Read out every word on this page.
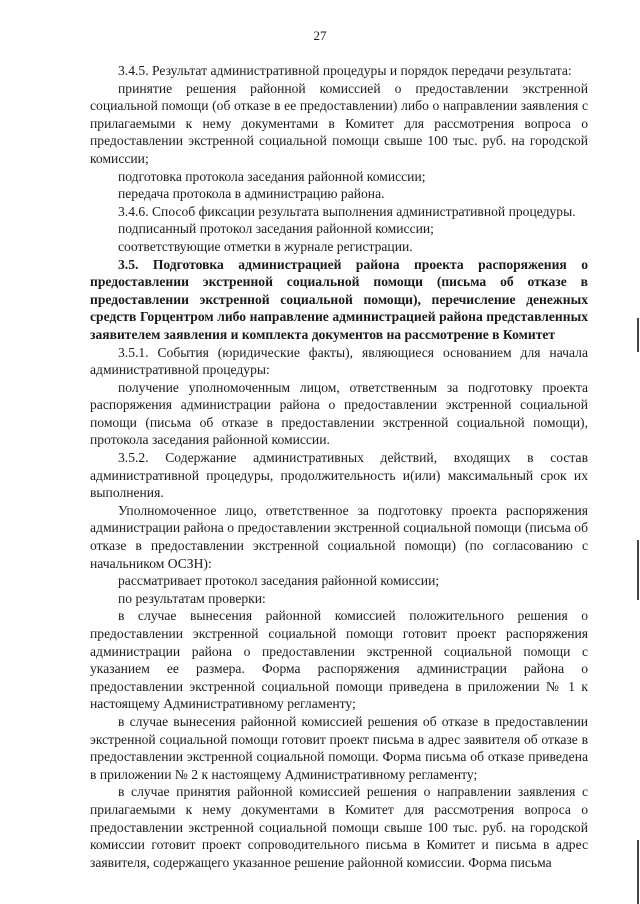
27

3.4.5. Результат административной процедуры и порядок передачи результата:

принятие решения районной комиссией о предоставлении экстренной социальной помощи (об отказе в ее предоставлении) либо о направлении заявления с прилагаемыми к нему документами в Комитет для рассмотрения вопроса о предоставлении экстренной социальной помощи свыше 100 тыс. руб. на городской комиссии;

подготовка протокола заседания районной комиссии;

передача протокола в администрацию района.

3.4.6. Способ фиксации результата выполнения административной процедуры.

подписанный протокол заседания районной комиссии;

соответствующие отметки в журнале регистрации.

3.5. Подготовка администрацией района проекта распоряжения о предоставлении экстренной социальной помощи (письма об отказе в предоставлении экстренной социальной помощи), перечисление денежных средств Горцентром либо направление администрацией района представленных заявителем заявления и комплекта документов на рассмотрение в Комитет

3.5.1. События (юридические факты), являющиеся основанием для начала административной процедуры:

получение уполномоченным лицом, ответственным за подготовку проекта распоряжения администрации района о предоставлении экстренной социальной помощи (письма об отказе в предоставлении экстренной социальной помощи), протокола заседания районной комиссии.

3.5.2. Содержание административных действий, входящих в состав административной процедуры, продолжительность и(или) максимальный срок их выполнения.

Уполномоченное лицо, ответственное за подготовку проекта распоряжения администрации района о предоставлении экстренной социальной помощи (письма об отказе в предоставлении экстренной социальной помощи) (по согласованию с начальником ОСЗН):

рассматривает протокол заседания районной комиссии;

по результатам проверки:

в случае вынесения районной комиссией положительного решения о предоставлении экстренной социальной помощи готовит проект распоряжения администрации района о предоставлении экстренной социальной помощи с указанием ее размера. Форма распоряжения администрации района о предоставлении экстренной социальной помощи приведена в приложении № 1 к настоящему Административному регламенту;

в случае вынесения районной комиссией решения об отказе в предоставлении экстренной социальной помощи готовит проект письма в адрес заявителя об отказе в предоставлении экстренной социальной помощи. Форма письма об отказе приведена в приложении № 2 к настоящему Административному регламенту;

в случае принятия районной комиссией решения о направлении заявления с прилагаемыми к нему документами в Комитет для рассмотрения вопроса о предоставлении экстренной социальной помощи свыше 100 тыс. руб. на городской комиссии готовит проект сопроводительного письма в Комитет и письма в адрес заявителя, содержащего указанное решение районной комиссии. Форма письма
